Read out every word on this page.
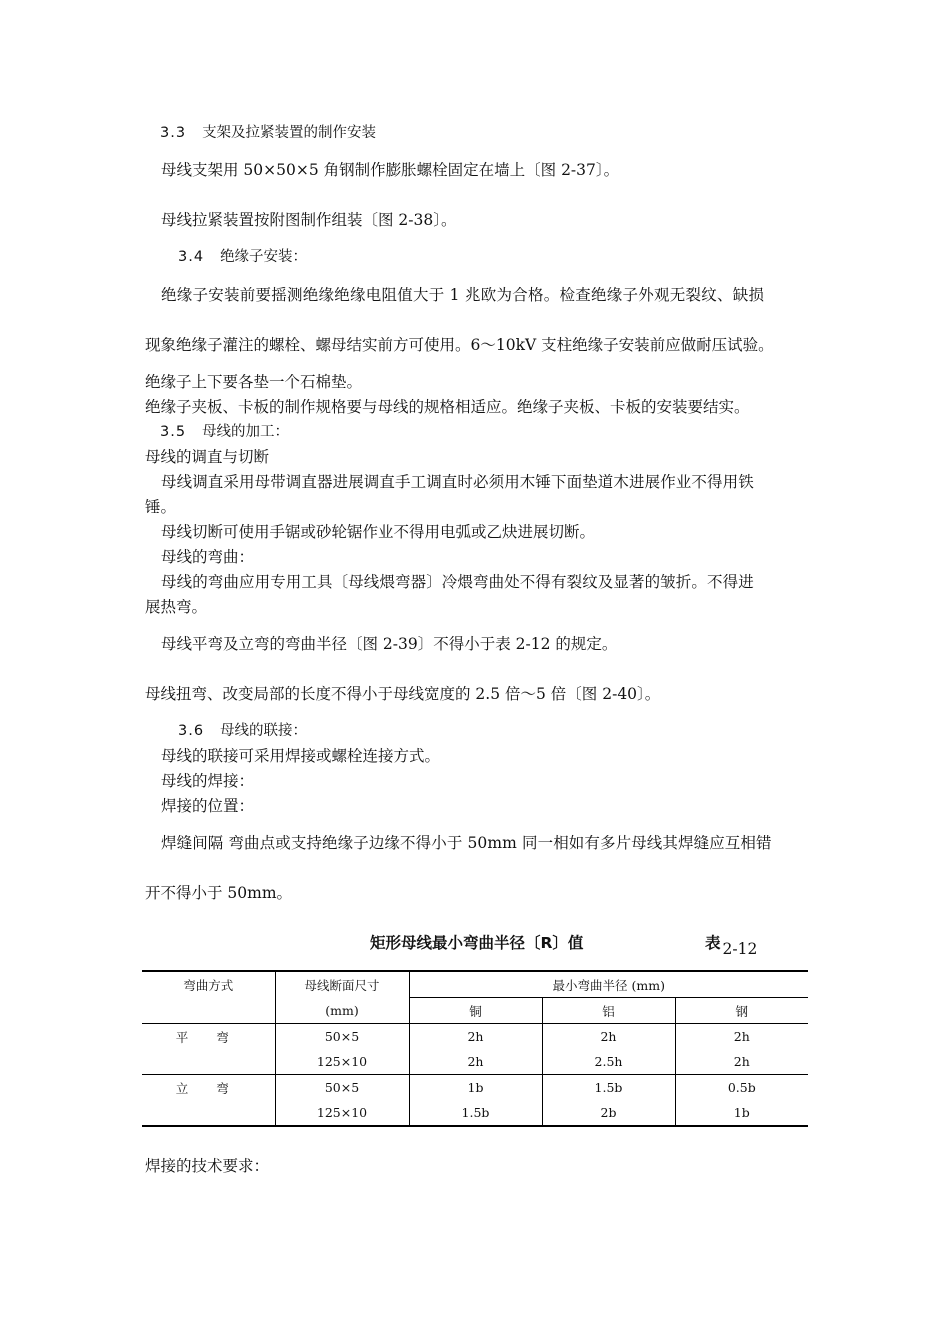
3.3 支架及拉紧装置的制作安装
母线支架用 50×50×5 角钢制作膨胀螺栓固定在墙上〔图 2-37〕。
母线拉紧装置按附图制作组装〔图 2-38〕。
3.4 绝缘子安装：
绝缘子安装前要摇测绝缘绝缘电阻值大于 1 兆欧为合格。检查绝缘子外观无裂纹、缺损
现象绝缘子灌注的螺栓、螺母结实前方可使用。6～10kV 支柱绝缘子安装前应做耐压试验。
绝缘子上下要各垫一个石棉垫。
绝缘子夹板、卡板的制作规格要与母线的规格相适应。绝缘子夹板、卡板的安装要结实。
3.5 母线的加工：
母线的调直与切断
母线调直采用母带调直器进展调直手工调直时必须用木锤下面垫道木进展作业不得用铁
锤。
母线切断可使用手锯或砂轮锯作业不得用电弧或乙炔进展切断。
母线的弯曲：
母线的弯曲应用专用工具〔母线煨弯器〕冷煨弯曲处不得有裂纹及显著的皱折。不得进
展热弯。
母线平弯及立弯的弯曲半径〔图 2-39〕不得小于表 2-12 的规定。
母线扭弯、改变局部的长度不得小于母线宽度的 2.5 倍～5 倍〔图 2-40〕。
3.6 母线的联接：
母线的联接可采用焊接或螺栓连接方式。
母线的焊接：
焊接的位置：
焊缝间隔 弯曲点或支持绝缘子边缘不得小于 50mm 同一相如有多片母线其焊缝应互相错
开不得小于 50mm。
矩形母线最小弯曲半径〔R〕值	表 2-12
弯曲方式	母线断面尺寸	最小弯曲半径 (mm)		
	(mm)	铜	铝	钢
平 弯	50×5	2h	2h	2h
	125×10	2h	2.5h	2h
立 弯	50×5	1b	1.5b	0.5b
	125×10	1.5b	2b	1b
焊接的技术要求：
